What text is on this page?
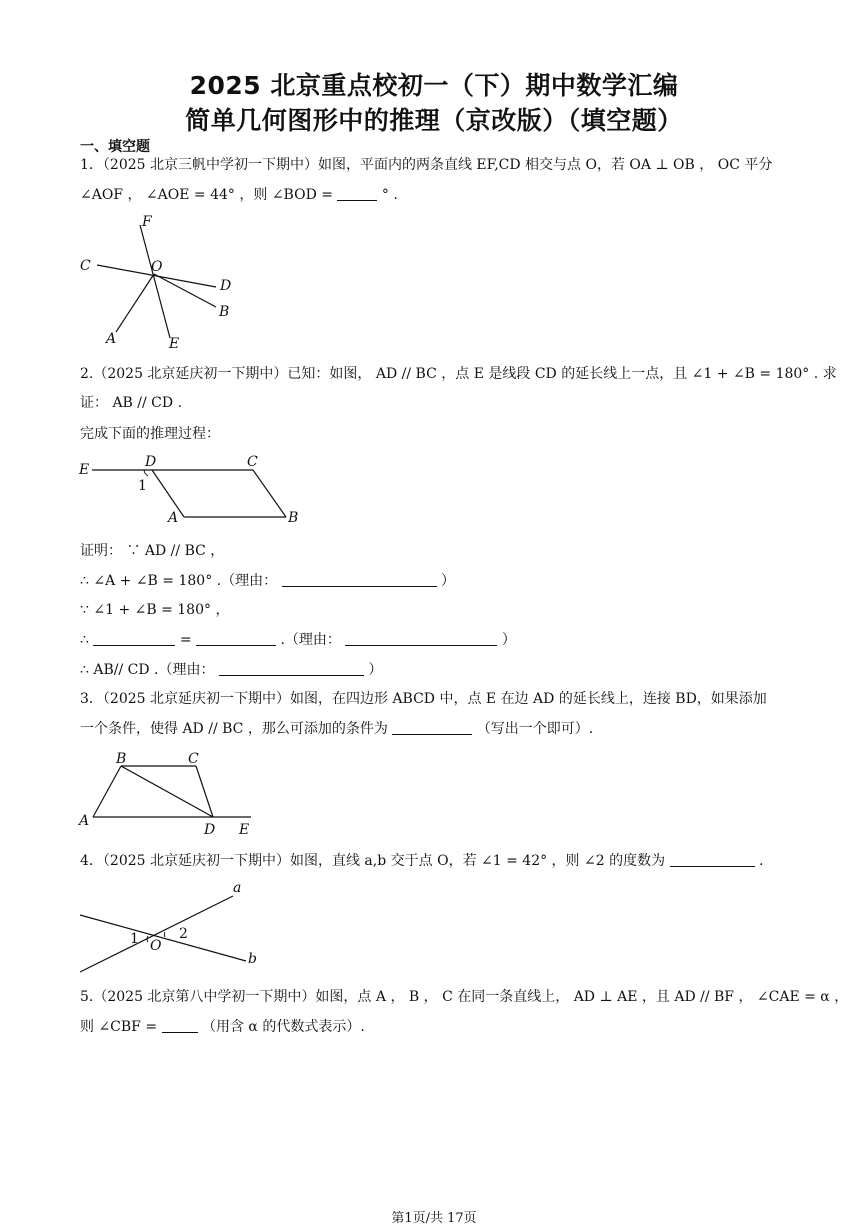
2025 北京重点校初一（下）期中数学汇编
简单几何图形中的推理（京改版）（填空题）
一、填空题
1．（2025 北京三帆中学初一下期中）如图，平面内的两条直线 EF,CD 相交与点 O，若 OA ⊥ OB ， OC 平分
∠AOF ， ∠AOE = 44° ，则 ∠BOD =	° .
F
C	O
D
B
A	E
2.（2025 北京延庆初一下期中）已知：如图， AD // BC ，点 E 是线段 CD 的延长线上一点，且 ∠1 + ∠B = 180° . 求
证： AB // CD .
完成下面的推理过程：
E	D	C
1
A	B
证明： ∵ AD // BC ，
∴ ∠A + ∠B = 180° .（理由：	）
∵ ∠1 + ∠B = 180° ，
∴	=	.（理由：	）
∴ AB// CD .（理由：	）
3．（2025 北京延庆初一下期中）如图，在四边形 ABCD 中，点 E 在边 AD 的延长线上，连接 BD，如果添加
一个条件，使得 AD // BC ，那么可添加的条件为	（写出一个即可）.
B	C
A
D E
4．（2025 北京延庆初一下期中）如图，直线 a,b 交于点 O，若 ∠1 = 42° ，则 ∠2 的度数为	.
a
b
1	2
O
5.（2025 北京第八中学初一下期中）如图，点 A ， B ， C 在同一条直线上， AD ⊥ AE ，且 AD // BF ， ∠CAE = α ，
则 ∠CBF =	（用含 α 的代数式表示）.
第1页/共 17页
